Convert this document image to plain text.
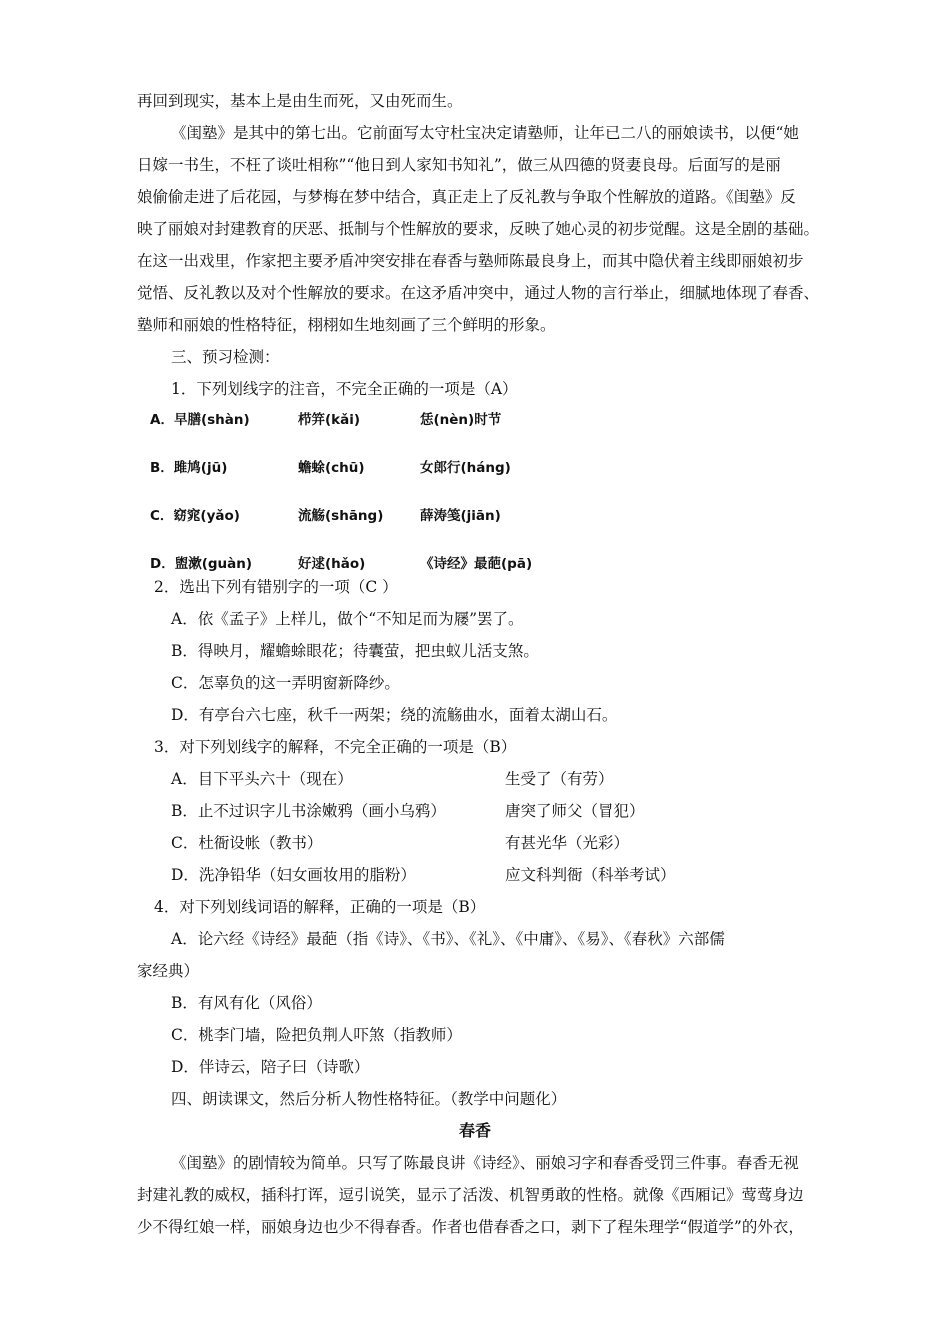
再回到现实，基本上是由生而死，又由死而生。
《闺塾》是其中的第七出。它前面写太守杜宝决定请塾师，让年已二八的丽娘读书，以便“她
日嫁一书生，不枉了谈吐相称”“他日到人家知书知礼”，做三从四德的贤妻良母。后面写的是丽
娘偷偷走进了后花园，与梦梅在梦中结合，真正走上了反礼教与争取个性解放的道路。《闺塾》反
映了丽娘对封建教育的厌恶、抵制与个性解放的要求，反映了她心灵的初步觉醒。这是全剧的基础。
在这一出戏里，作家把主要矛盾冲突安排在春香与塾师陈最良身上，而其中隐伏着主线即丽娘初步
觉悟、反礼教以及对个性解放的要求。在这矛盾冲突中，通过人物的言行举止，细腻地体现了春香、
塾师和丽娘的性格特征，栩栩如生地刻画了三个鲜明的形象。
三、预习检测：
1．下列划线字的注音，不完全正确的一项是（A）
A．早膳(shàn)	栉笄(kǎi)	恁(nèn)时节
B．雎鸠(jū)	蟾蜍(chū)	女郎行(háng)
C．窈窕(yǎo)	流觞(shāng)	薛涛笺(jiān)
D．盥漱(guàn)	好逑(hǎo)	《诗经》最葩(pā)
2．选出下列有错别字的一项（C ）
A．依《孟子》上样儿，做个“不知足而为屦”罢了。
B．得映月，耀蟾蜍眼花；待囊萤，把虫蚁儿活支煞。
C．怎辜负的这一弄明窗新降纱。
D．有亭台六七座，秋千一两架；绕的流觞曲水，面着太湖山石。
3．对下列划线字的解释，不完全正确的一项是（B）
A．目下平头六十（现在）	生受了（有劳）
B．止不过识字儿书涂嫩鸦（画小乌鸦）	唐突了师父（冒犯）
C．杜衙设帐（教书）	有甚光华（光彩）
D．洗净铅华（妇女画妆用的脂粉）	应文科判衙（科举考试）
4．对下列划线词语的解释，正确的一项是（B）
A．论六经《诗经》最葩（指《诗》、《书》、《礼》、《中庸》、《易》、《春秋》六部儒
家经典）
B．有风有化（风俗）
C．桃李门墙，险把负荆人吓煞（指教师）
D．伴诗云，陪子曰（诗歌）
四、朗读课文，然后分析人物性格特征。（教学中问题化）
春香
《闺塾》的剧情较为简单。只写了陈最良讲《诗经》、丽娘习字和春香受罚三件事。春香无视
封建礼教的威权，插科打诨，逗引说笑，显示了活泼、机智勇敢的性格。就像《西厢记》莺莺身边
少不得红娘一样，丽娘身边也少不得春香。作者也借春香之口，剥下了程朱理学“假道学”的外衣，
